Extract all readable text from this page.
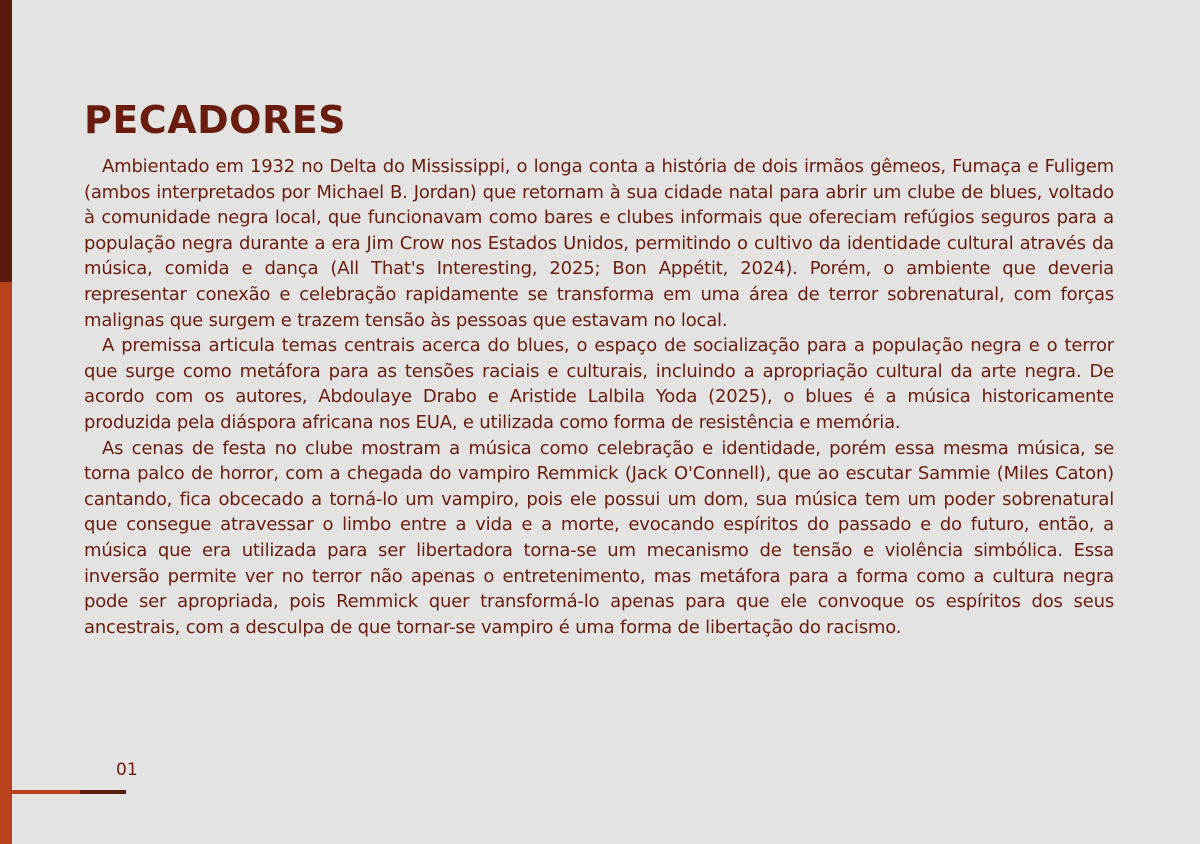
PECADORES

Ambientado em 1932 no Delta do Mississippi, o longa conta a história de dois irmãos gêmeos, Fumaça e Fuligem (ambos interpretados por Michael B. Jordan) que retornam à sua cidade natal para abrir um clube de blues, voltado à comunidade negra local, que funcionavam como bares e clubes informais que ofereciam refúgios seguros para a população negra durante a era Jim Crow nos Estados Unidos, permitindo o cultivo da identidade cultural através da música, comida e dança (All That's Interesting, 2025; Bon Appétit, 2024). Porém, o ambiente que deveria representar conexão e celebração rapidamente se transforma em uma área de terror sobrenatural, com forças malignas que surgem e trazem tensão às pessoas que estavam no local.

A premissa articula temas centrais acerca do blues, o espaço de socialização para a população negra e o terror que surge como metáfora para as tensões raciais e culturais, incluindo a apropriação cultural da arte negra. De acordo com os autores, Abdoulaye Drabo e Aristide Lalbila Yoda (2025), o blues é a música historicamente produzida pela diáspora africana nos EUA, e utilizada como forma de resistência e memória.

As cenas de festa no clube mostram a música como celebração e identidade, porém essa mesma música, se torna palco de horror, com a chegada do vampiro Remmick (Jack O'Connell), que ao escutar Sammie (Miles Caton) cantando, fica obcecado a torná-lo um vampiro, pois ele possui um dom, sua música tem um poder sobrenatural que consegue atravessar o limbo entre a vida e a morte, evocando espíritos do passado e do futuro, então, a música que era utilizada para ser libertadora torna-se um mecanismo de tensão e violência simbólica. Essa inversão permite ver no terror não apenas o entretenimento, mas metáfora para a forma como a cultura negra pode ser apropriada, pois Remmick quer transformá-lo apenas para que ele convoque os espíritos dos seus ancestrais, com a desculpa de que tornar-se vampiro é uma forma de libertação do racismo.

01
